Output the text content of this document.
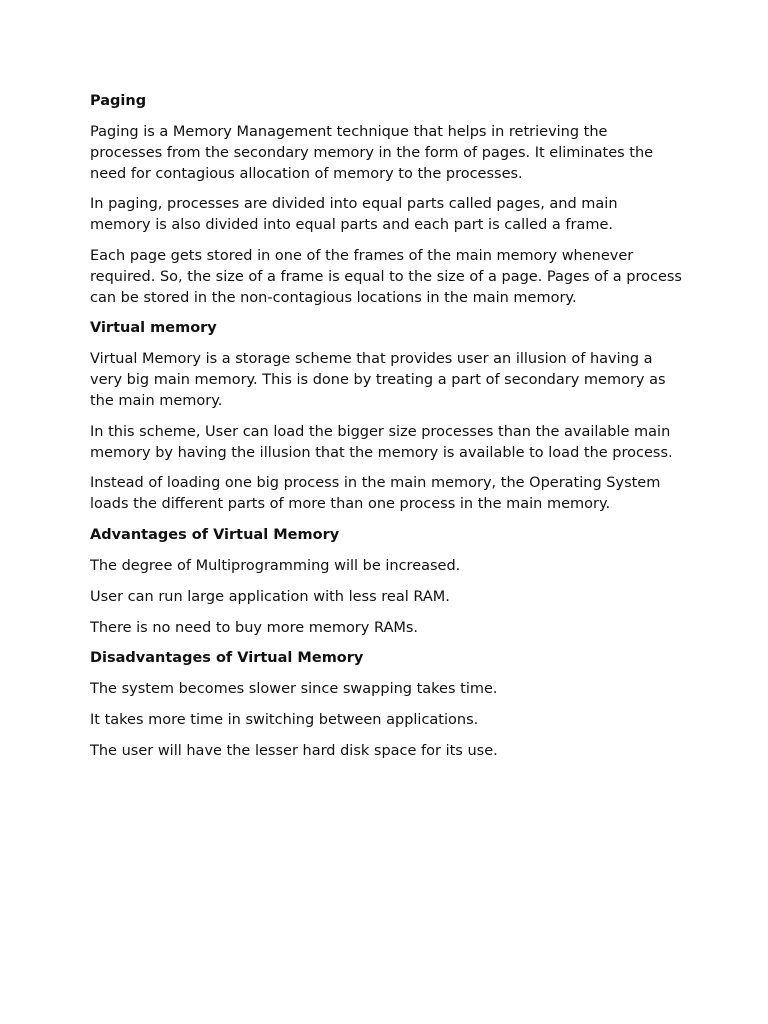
Paging
Paging is a Memory Management technique that helps in retrieving the processes from the secondary memory in the form of pages. It eliminates the need for contagious allocation of memory to the processes.
In paging, processes are divided into equal parts called pages, and main memory is also divided into equal parts and each part is called a frame.
Each page gets stored in one of the frames of the main memory whenever required. So, the size of a frame is equal to the size of a page. Pages of a process can be stored in the non-contagious locations in the main memory.
Virtual memory
Virtual Memory is a storage scheme that provides user an illusion of having a very big main memory. This is done by treating a part of secondary memory as the main memory.
In this scheme, User can load the bigger size processes than the available main memory by having the illusion that the memory is available to load the process.
Instead of loading one big process in the main memory, the Operating System loads the different parts of more than one process in the main memory.
Advantages of Virtual Memory
The degree of Multiprogramming will be increased.
User can run large application with less real RAM.
There is no need to buy more memory RAMs.
Disadvantages of Virtual Memory
The system becomes slower since swapping takes time.
It takes more time in switching between applications.
The user will have the lesser hard disk space for its use.
